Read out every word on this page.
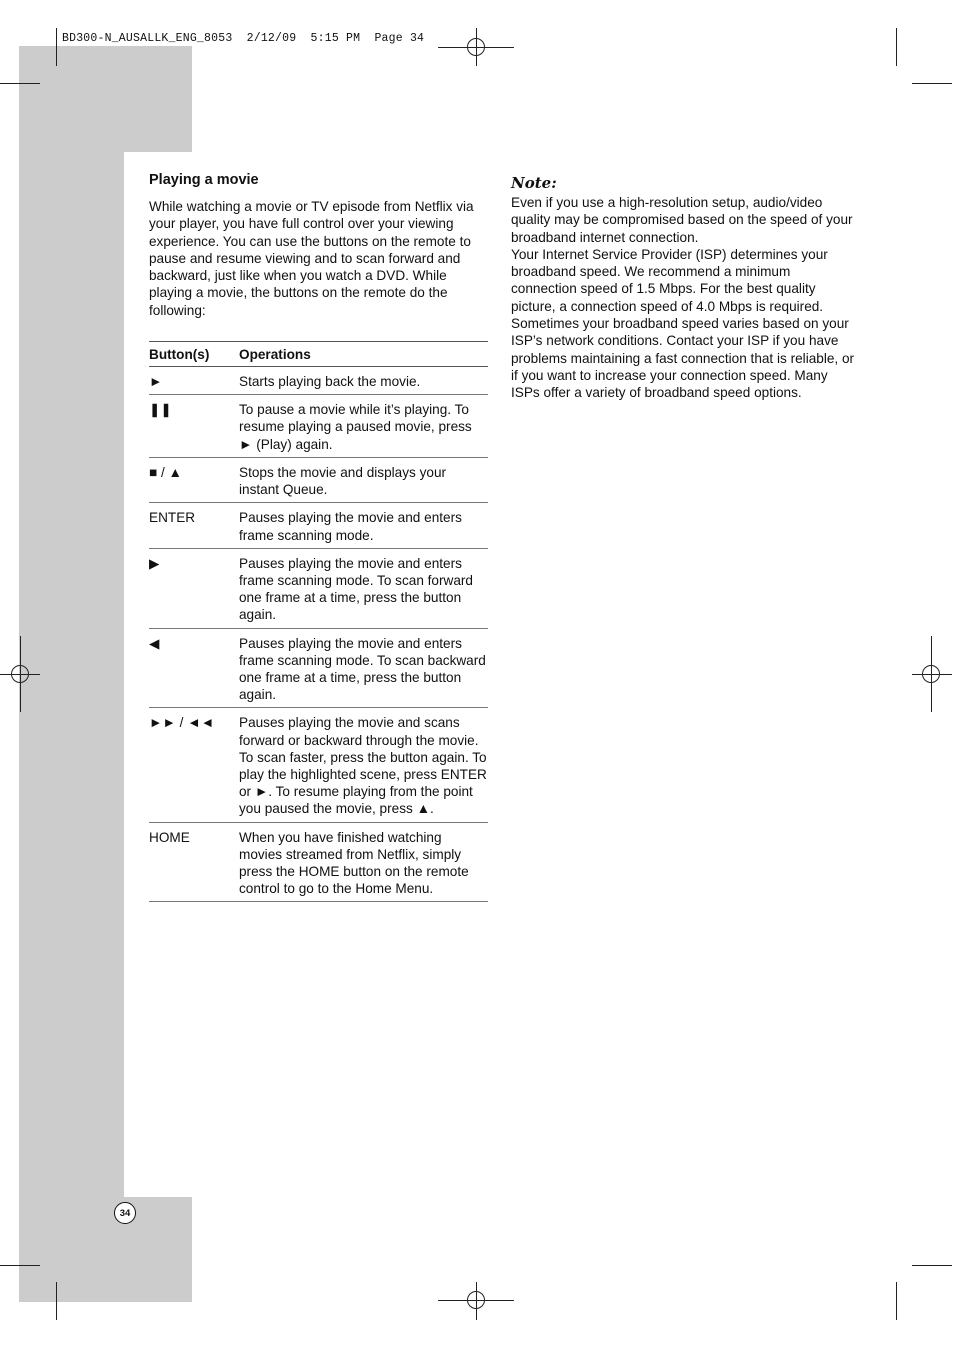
BD300-N_AUSALLK_ENG_8053  2/12/09  5:15 PM  Page 34
Playing a movie

While watching a movie or TV episode from Netflix via your player, you have full control over your viewing experience. You can use the buttons on the remote to pause and resume viewing and to scan forward and backward, just like when you watch a DVD. While playing a movie, the buttons on the remote do the following:

Button(s)	Operations
►	Starts playing back the movie.
❚❚	To pause a movie while it’s playing. To resume playing a paused movie, press ► (Play) again.
■ / ▲	Stops the movie and displays your instant Queue.
ENTER	Pauses playing the movie and enters frame scanning mode.
▶	Pauses playing the movie and enters frame scanning mode. To scan forward one frame at a time, press the button again.
◀	Pauses playing the movie and enters frame scanning mode. To scan backward one frame at a time, press the button again.
►► / ◄◄	Pauses playing the movie and scans forward or backward through the movie. To scan faster, press the button again. To play the highlighted scene, press ENTER or ►. To resume playing from the point you paused the movie, press ▲.
HOME	When you have finished watching movies streamed from Netflix, simply press the HOME button on the remote control to go to the Home Menu.
Note:

Even if you use a high-resolution setup, audio/video quality may be compromised based on the speed of your broadband internet connection.

Your Internet Service Provider (ISP) determines your broadband speed. We recommend a minimum connection speed of 1.5 Mbps. For the best quality picture, a connection speed of 4.0 Mbps is required. Sometimes your broadband speed varies based on your ISP’s network conditions. Contact your ISP if you have problems maintaining a fast connection that is reliable, or if you want to increase your connection speed. Many ISPs offer a variety of broadband speed options.

34
